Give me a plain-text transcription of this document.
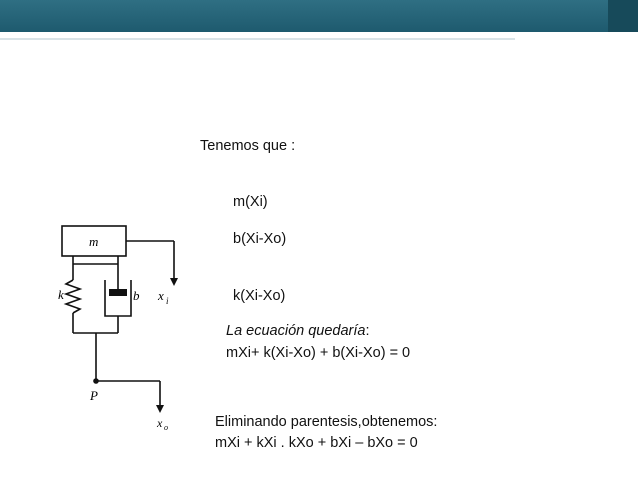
Tenemos que :
m(Xi)
b(Xi-Xo)
k(Xi-Xo)
La ecuación quedaría:
mXi+ k(Xi-Xo) + b(Xi-Xo) = 0
Eliminando parentesis,obtenemos:
mXi + kXi . kXo + bXi – bXo = 0
m
k	b x i
P
x o
